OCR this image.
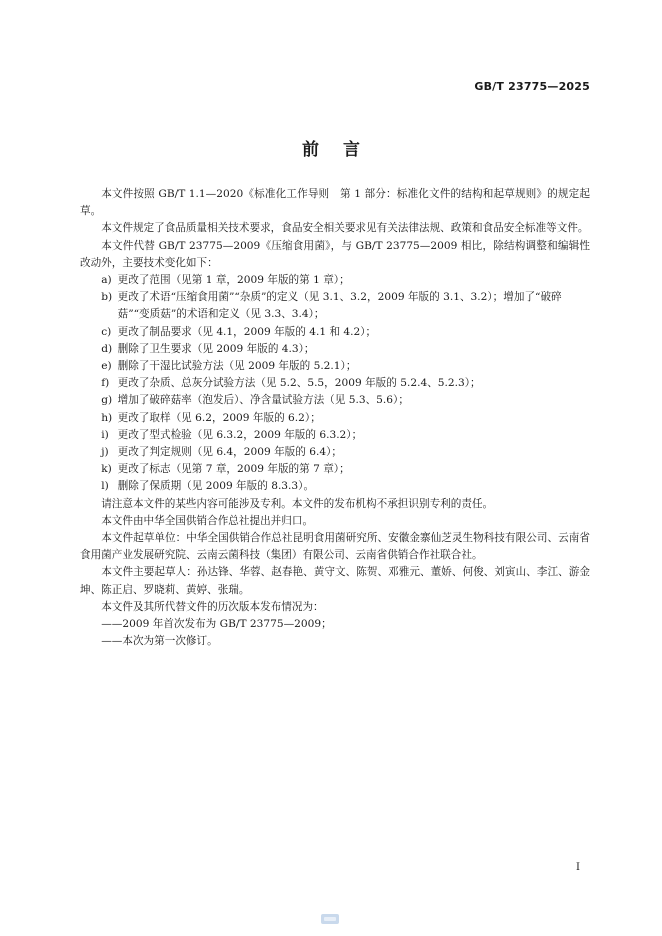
GB/T 23775—2025
前言

本文件按照 GB/T 1.1—2020《标准化工作导则　第 1 部分：标准化文件的结构和起草规则》的规定起草。

本文件规定了食品质量相关技术要求，食品安全相关要求见有关法律法规、政策和食品安全标准等文件。

本文件代替 GB/T 23775—2009《压缩食用菌》，与 GB/T 23775—2009 相比，除结构调整和编辑性改动外，主要技术变化如下：

a) 更改了范围（见第 1 章，2009 年版的第 1 章）；
b) 更改了术语“压缩食用菌”“杂质”的定义（见 3.1、3.2，2009 年版的 3.1、3.2）；增加了“破碎菇”“变质菇”的术语和定义（见 3.3、3.4）；
c) 更改了制品要求（见 4.1，2009 年版的 4.1 和 4.2）；
d) 删除了卫生要求（见 2009 年版的 4.3）；
e) 删除了干湿比试验方法（见 2009 年版的 5.2.1）；
f) 更改了杂质、总灰分试验方法（见 5.2、5.5，2009 年版的 5.2.4、5.2.3）；
g) 增加了破碎菇率（泡发后）、净含量试验方法（见 5.3、5.6）；
h) 更改了取样（见 6.2，2009 年版的 6.2）；
i) 更改了型式检验（见 6.3.2，2009 年版的 6.3.2）；
j) 更改了判定规则（见 6.4，2009 年版的 6.4）；
k) 更改了标志（见第 7 章，2009 年版的第 7 章）；
l) 删除了保质期（见 2009 年版的 8.3.3）。

请注意本文件的某些内容可能涉及专利。本文件的发布机构不承担识别专利的责任。

本文件由中华全国供销合作总社提出并归口。

本文件起草单位：中华全国供销合作总社昆明食用菌研究所、安徽金寨仙芝灵生物科技有限公司、云南省食用菌产业发展研究院、云南云菌科技（集团）有限公司、云南省供销合作社联合社。

本文件主要起草人：孙达锋、华蓉、赵春艳、黄守文、陈贺、邓雅元、董娇、何俊、刘寅山、李江、游金坤、陈正启、罗晓莉、黄婷、张瑞。

本文件及其所代替文件的历次版本发布情况为：

——2009 年首次发布为 GB/T 23775—2009；

——本次为第一次修订。

I
